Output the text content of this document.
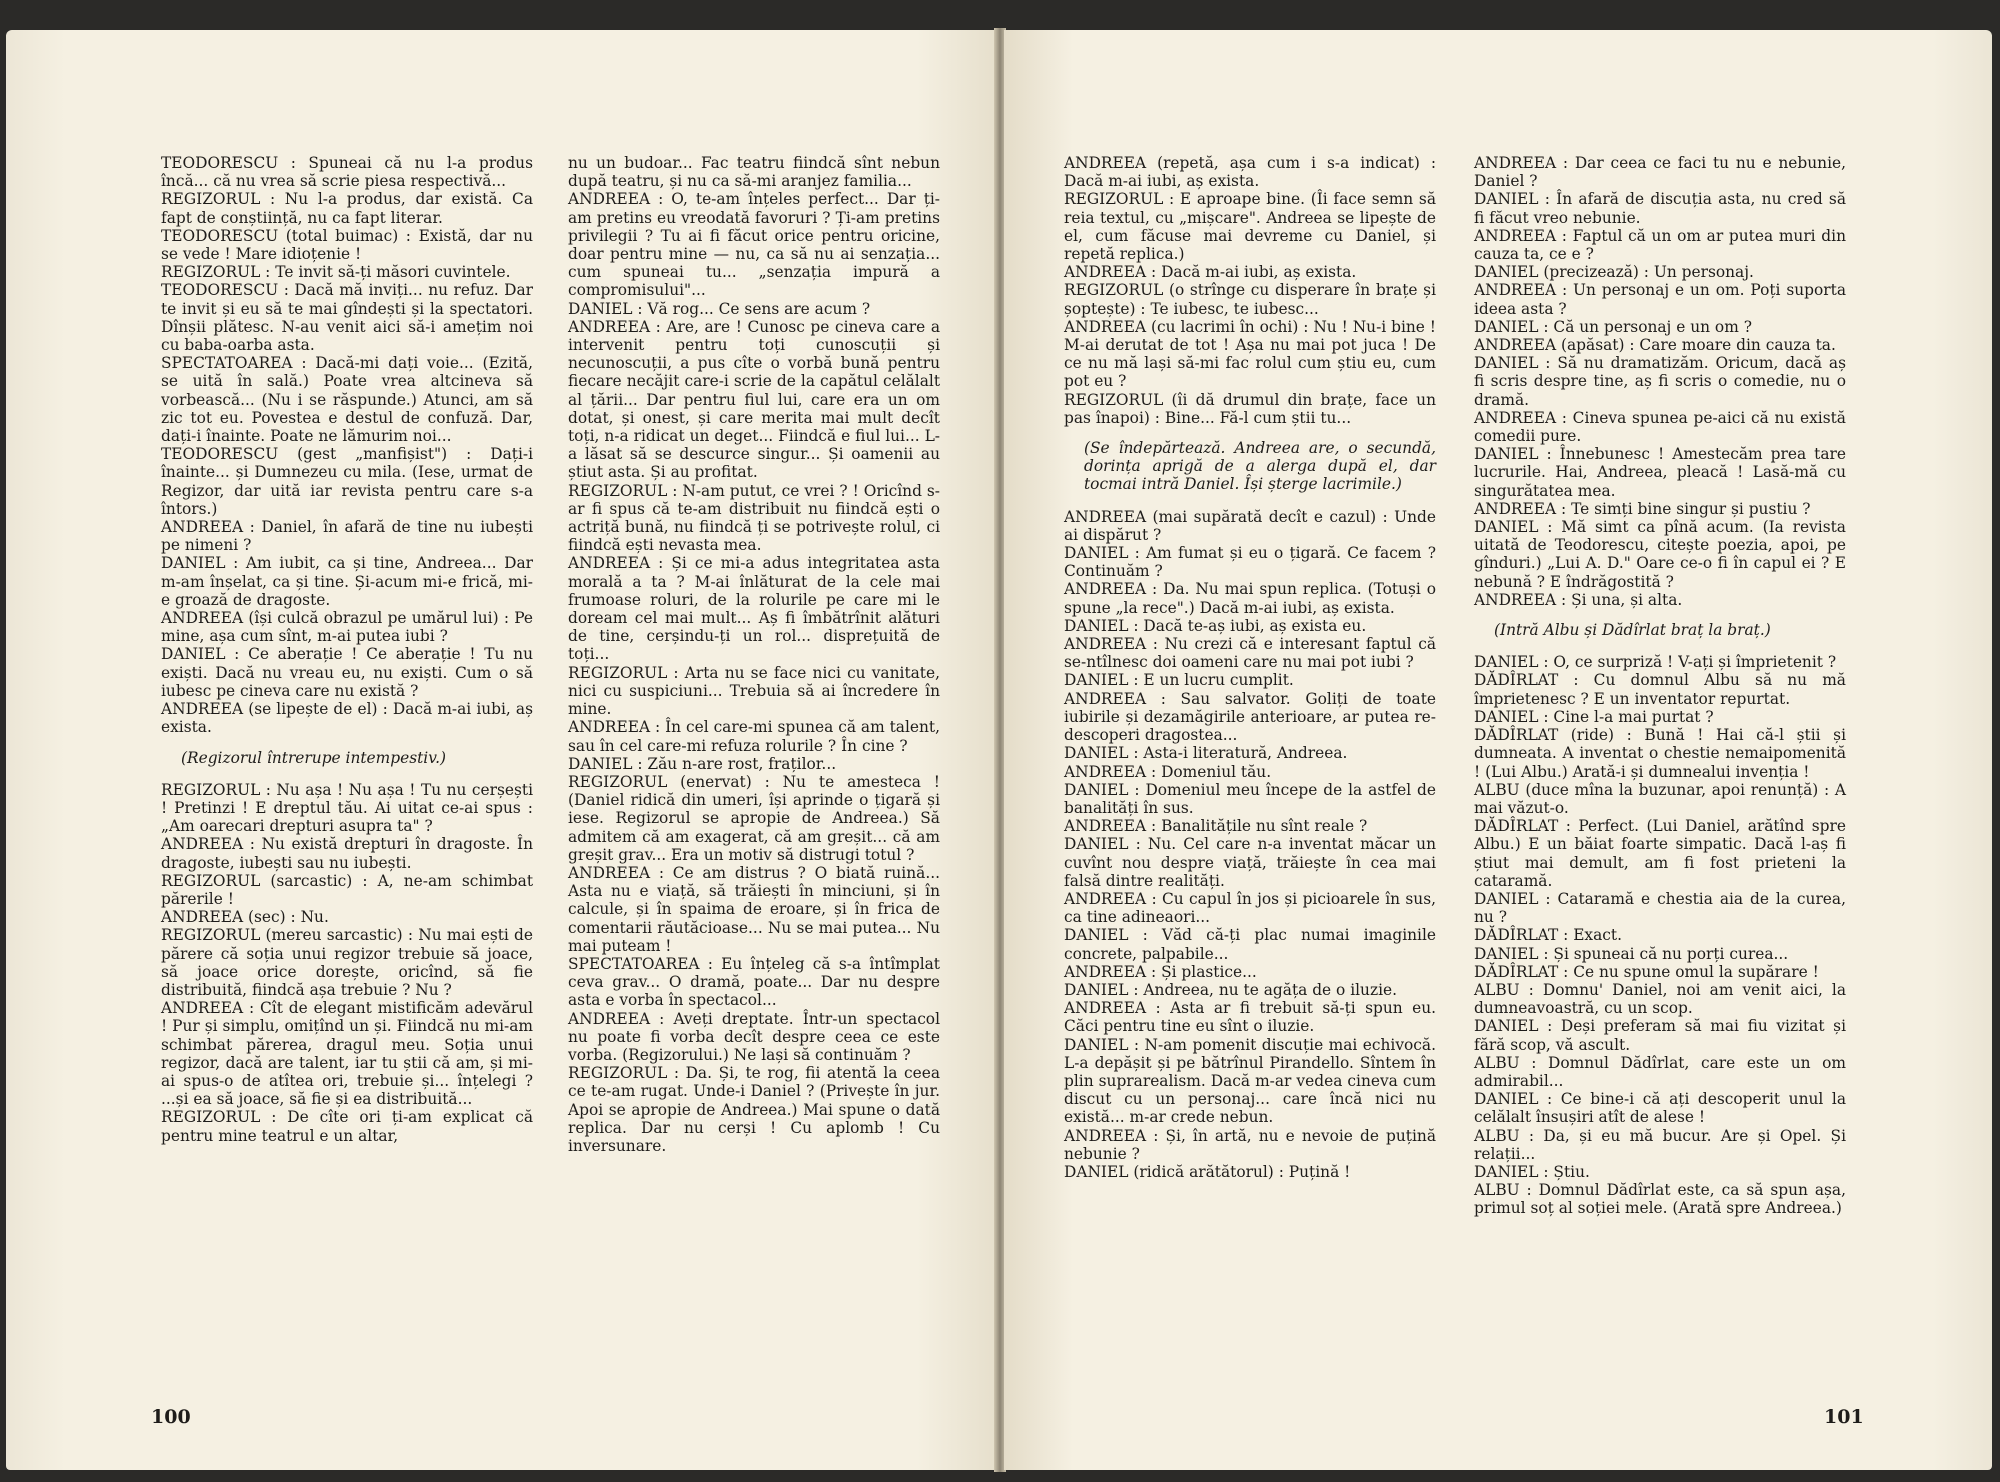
TEODORESCU : Spuneai că nu l-a produs încă... că nu vrea să scrie piesa respectivă...

REGIZORUL : Nu l-a produs, dar există. Ca fapt de conștiință, nu ca fapt literar.

TEODORESCU (total buimac) : Există, dar nu se vede ! Mare idioțenie !

REGIZORUL : Te invit să-ți măsori cuvintele.

TEODORESCU : Dacă mă inviți... nu refuz. Dar te invit și eu să te mai gîndești și la spectatori. Dînșii plătesc. N-au venit aici să-i amețim noi cu baba-oarba asta.

SPECTATOAREA : Dacă-mi dați voie... (Ezită, se uită în sală.) Poate vrea altcineva să vorbească... (Nu i se răspunde.) Atunci, am să zic tot eu. Povestea e destul de confuză. Dar, dați-i înainte. Poate ne lămurim noi...

TEODORESCU (gest „manfișist") : Dați-i înainte... și Dumnezeu cu mila. (Iese, urmat de Regizor, dar uită iar revista pentru care s-a întors.)

ANDREEA : Daniel, în afară de tine nu iubești pe nimeni ?

DANIEL : Am iubit, ca și tine, Andreea... Dar m-am înșelat, ca și tine. Și-acum mi-e frică, mi-e groază de dragoste.

ANDREEA (își culcă obrazul pe umărul lui) : Pe mine, așa cum sînt, m-ai putea iubi ?

DANIEL : Ce aberație ! Ce aberație ! Tu nu exiști. Dacă nu vreau eu, nu exiști. Cum o să iubesc pe cineva care nu există ?

ANDREEA (se lipește de el) : Dacă m-ai iubi, aș exista.

(Regizorul întrerupe intempestiv.)

REGIZORUL : Nu așa ! Nu așa ! Tu nu cerșești ! Pretinzi ! E dreptul tău. Ai uitat ce-ai spus : „Am oarecari drepturi asupra ta" ?

ANDREEA : Nu există drepturi în dragoste. În dragoste, iubești sau nu iubești.

REGIZORUL (sarcastic) : A, ne-am schimbat părerile !

ANDREEA (sec) : Nu.

REGIZORUL (mereu sarcastic) : Nu mai ești de părere că soția unui regizor trebuie să joace, să joace orice dorește, oricînd, să fie distribuită, fiindcă așa trebuie ? Nu ?

ANDREEA : Cît de elegant mistificăm adevărul ! Pur și simplu, omițînd un și. Fiindcă nu mi-am schimbat părerea, dragul meu. Soția unui regizor, dacă are talent, iar tu știi că am, și mi-ai spus-o de atîtea ori, trebuie și... înțelegi ? ...și ea să joace, să fie și ea distribuită...

REGIZORUL : De cîte ori ți-am explicat că pentru mine teatrul e un altar,

nu un budoar... Fac teatru fiindcă sînt nebun după teatru, și nu ca să-mi aranjez familia...

ANDREEA : O, te-am înțeles perfect... Dar ți-am pretins eu vreodată favoruri ? Ți-am pretins privilegii ? Tu ai fi făcut orice pentru oricine, doar pentru mine — nu, ca să nu ai senzația... cum spuneai tu... „senzația impură a compromisului"...

DANIEL : Vă rog... Ce sens are acum ?

ANDREEA : Are, are ! Cunosc pe cineva care a intervenit pentru toți cunoscuții și necunoscuții, a pus cîte o vorbă bună pentru fiecare necăjit care-i scrie de la capătul celălalt al țării... Dar pentru fiul lui, care era un om dotat, și onest, și care merita mai mult decît toți, n-a ridicat un deget... Fiindcă e fiul lui... L-a lăsat să se descurce singur... Și oamenii au știut asta. Și au profitat.

REGIZORUL : N-am putut, ce vrei ? ! Oricînd s-ar fi spus că te-am distribuit nu fiindcă ești o actriță bună, nu fiindcă ți se potrivește rolul, ci fiindcă ești nevasta mea.

ANDREEA : Și ce mi-a adus integritatea asta morală a ta ? M-ai înlăturat de la cele mai frumoase roluri, de la rolurile pe care mi le doream cel mai mult... Aș fi îmbătrînit alături de tine, cerșindu-ți un rol... disprețuită de toți...

REGIZORUL : Arta nu se face nici cu vanitate, nici cu suspiciuni... Trebuia să ai încredere în mine.

ANDREEA : În cel care-mi spunea că am talent, sau în cel care-mi refuza rolurile ? În cine ?

DANIEL : Zău n-are rost, fraților...

REGIZORUL (enervat) : Nu te amesteca ! (Daniel ridică din umeri, își aprinde o țigară și iese. Regizorul se apropie de Andreea.) Să admitem că am exagerat, că am greșit... că am greșit grav... Era un motiv să distrugi totul ?

ANDREEA : Ce am distrus ? O biată ruină... Asta nu e viață, să trăiești în minciuni, și în calcule, și în spaima de eroare, și în frica de comentarii răutăcioase... Nu se mai putea... Nu mai puteam !

SPECTATOAREA : Eu înțeleg că s-a întîmplat ceva grav... O dramă, poate... Dar nu despre asta e vorba în spectacol...

ANDREEA : Aveți dreptate. Într-un spectacol nu poate fi vorba decît despre ceea ce este vorba. (Regizorului.) Ne lași să continuăm ?

REGIZORUL : Da. Și, te rog, fii atentă la ceea ce te-am rugat. Unde-i Daniel ? (Privește în jur. Apoi se apropie de Andreea.) Mai spune o dată replica. Dar nu cerși ! Cu aplomb ! Cu inversunare.

100

ANDREEA (repetă, așa cum i s-a indicat) : Dacă m-ai iubi, aș exista.

REGIZORUL : E aproape bine. (Îi face semn să reia textul, cu „mișcare". Andreea se lipește de el, cum făcuse mai devreme cu Daniel, și repetă replica.)

ANDREEA : Dacă m-ai iubi, aș exista.

REGIZORUL (o strînge cu disperare în brațe și șoptește) : Te iubesc, te iubesc...

ANDREEA (cu lacrimi în ochi) : Nu ! Nu-i bine ! M-ai derutat de tot ! Așa nu mai pot juca ! De ce nu mă lași să-mi fac rolul cum știu eu, cum pot eu ?

REGIZORUL (îi dă drumul din brațe, face un pas înapoi) : Bine... Fă-l cum știi tu...

(Se îndepărtează. Andreea are, o secundă, dorința aprigă de a alerga după el, dar tocmai intră Daniel. Își șterge lacrimile.)

ANDREEA (mai supărată decît e cazul) : Unde ai dispărut ?

DANIEL : Am fumat și eu o țigară. Ce facem ? Continuăm ?

ANDREEA : Da. Nu mai spun replica. (Totuși o spune „la rece".) Dacă m-ai iubi, aș exista.

DANIEL : Dacă te-aș iubi, aș exista eu.

ANDREEA : Nu crezi că e interesant faptul că se-ntîlnesc doi oameni care nu mai pot iubi ?

DANIEL : E un lucru cumplit.

ANDREEA : Sau salvator. Goliți de toate iubirile și dezamăgirile anterioare, ar putea re-descoperi dragostea...

DANIEL : Asta-i literatură, Andreea.

ANDREEA : Domeniul tău.

DANIEL : Domeniul meu începe de la astfel de banalități în sus.

ANDREEA : Banalitățile nu sînt reale ?

DANIEL : Nu. Cel care n-a inventat măcar un cuvînt nou despre viață, trăiește în cea mai falsă dintre realități.

ANDREEA : Cu capul în jos și picioarele în sus, ca tine adineaori...

DANIEL : Văd că-ți plac numai imaginile concrete, palpabile...

ANDREEA : Și plastice...

DANIEL : Andreea, nu te agăța de o iluzie.

ANDREEA : Asta ar fi trebuit să-ți spun eu. Căci pentru tine eu sînt o iluzie.

DANIEL : N-am pomenit discuție mai echivocă. L-a depășit și pe bătrînul Pirandello. Sîntem în plin suprarealism. Dacă m-ar vedea cineva cum discut cu un personaj... care încă nici nu există... m-ar crede nebun.

ANDREEA : Și, în artă, nu e nevoie de puțină nebunie ?

DANIEL (ridică arătătorul) : Puțină !

ANDREEA : Dar ceea ce faci tu nu e nebunie, Daniel ?

DANIEL : În afară de discuția asta, nu cred să fi făcut vreo nebunie.

ANDREEA : Faptul că un om ar putea muri din cauza ta, ce e ?

DANIEL (precizează) : Un personaj.

ANDREEA : Un personaj e un om. Poți suporta ideea asta ?

DANIEL : Că un personaj e un om ?

ANDREEA (apăsat) : Care moare din cauza ta.

DANIEL : Să nu dramatizăm. Oricum, dacă aș fi scris despre tine, aș fi scris o comedie, nu o dramă.

ANDREEA : Cineva spunea pe-aici că nu există comedii pure.

DANIEL : Înnebunesc ! Amestecăm prea tare lucrurile. Hai, Andreea, pleacă ! Lasă-mă cu singurătatea mea.

ANDREEA : Te simți bine singur și pustiu ?

DANIEL : Mă simt ca pînă acum. (Ia revista uitată de Teodorescu, citește poezia, apoi, pe gînduri.) „Lui A. D." Oare ce-o fi în capul ei ? E nebună ? E îndrăgostită ?

ANDREEA : Și una, și alta.

(Intră Albu și Dădîrlat braț la braț.)

DANIEL : O, ce surpriză ! V-ați și împrietenit ?

DĂDÎRLAT : Cu domnul Albu să nu mă împrietenesc ? E un inventator repurtat.

DANIEL : Cine l-a mai purtat ?

DĂDÎRLAT (ride) : Bună ! Hai că-l știi și dumneata. A inventat o chestie nemaipomenită ! (Lui Albu.) Arată-i și dumnealui invenția !

ALBU (duce mîna la buzunar, apoi renunță) : A mai văzut-o.

DĂDÎRLAT : Perfect. (Lui Daniel, arătînd spre Albu.) E un băiat foarte simpatic. Dacă l-aș fi știut mai demult, am fi fost prieteni la cataramă.

DANIEL : Cataramă e chestia aia de la curea, nu ?

DĂDÎRLAT : Exact.

DANIEL : Și spuneai că nu porți curea...

DĂDÎRLAT : Ce nu spune omul la supărare !

ALBU : Domnu' Daniel, noi am venit aici, la dumneavoastră, cu un scop.

DANIEL : Deși preferam să mai fiu vizitat și fără scop, vă ascult.

ALBU : Domnul Dădîrlat, care este un om admirabil...

DANIEL : Ce bine-i că ați descoperit unul la celălalt însușiri atît de alese !

ALBU : Da, și eu mă bucur. Are și Opel. Și relații...

DANIEL : Știu.

ALBU : Domnul Dădîrlat este, ca să spun așa, primul soț al soției mele. (Arată spre Andreea.)

101
